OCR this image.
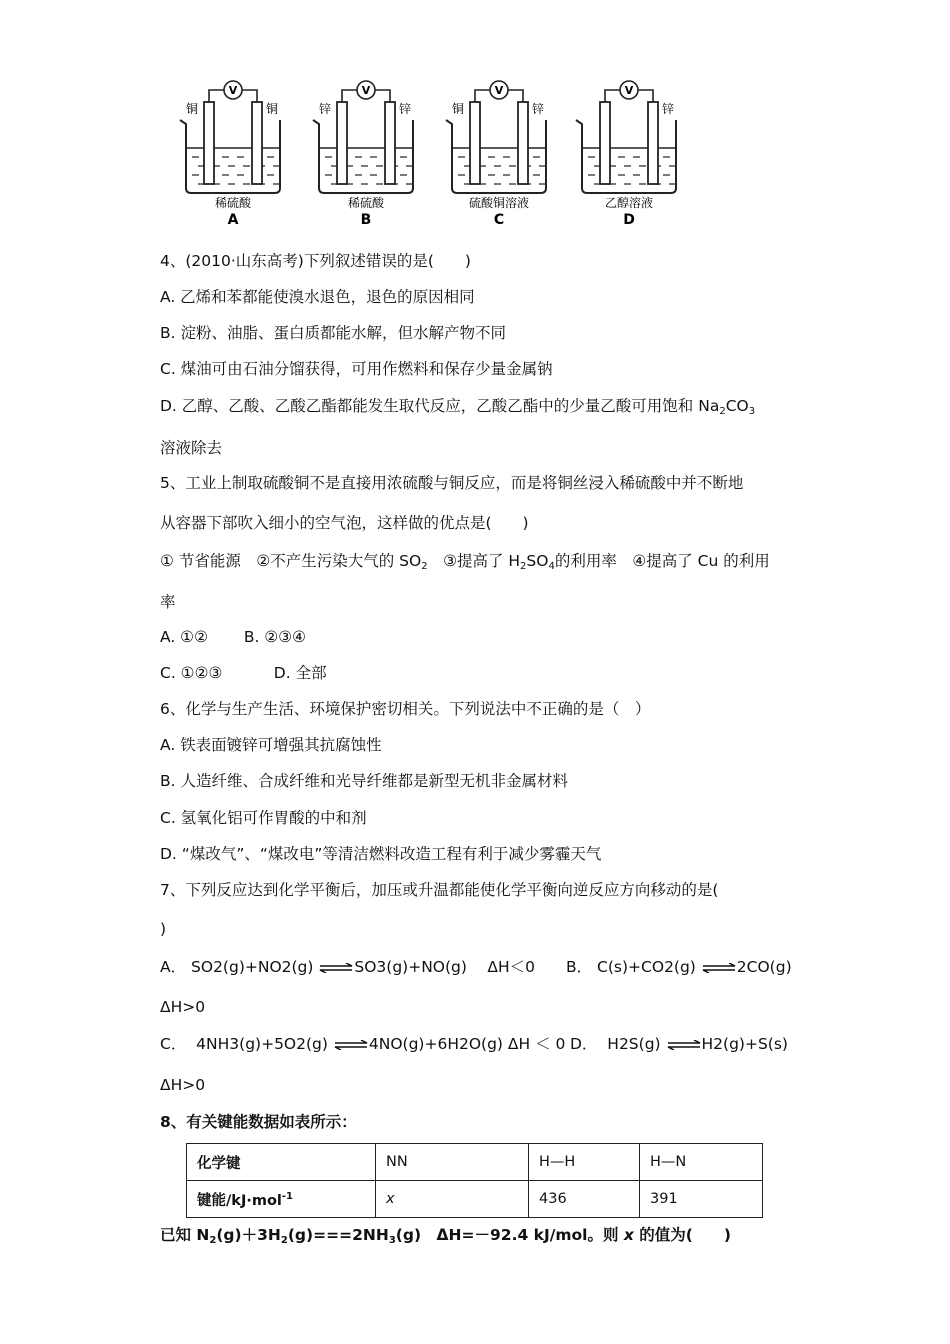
V
铜	铜
稀硫酸
A
V
锌	锌
稀硫酸
B
V
铜	锌
硫酸铜溶液
C
V
锌
乙醇溶液
D
4、(2010·山东高考)下列叙述错误的是(　　)
A. 乙烯和苯都能使溴水退色，退色的原因相同
B. 淀粉、油脂、蛋白质都能水解，但水解产物不同
C. 煤油可由石油分馏获得，可用作燃料和保存少量金属钠
D. 乙醇、乙酸、乙酸乙酯都能发生取代反应，乙酸乙酯中的少量乙酸可用饱和 $Na_2CO_3$
溶液除去
5、工业上制取硫酸铜不是直接用浓硫酸与铜反应，而是将铜丝浸入稀硫酸中并不断地
从容器下部吹入细小的空气泡，这样做的优点是(　　)
① 节省能源　②不产生污染大气的 $SO_2$　③提高了 $H_2SO_4$的利用率　④提高了 Cu 的利用
率
A. ①②　　 B. ②③④
C. ①②③　　　 D. 全部
6、化学与生产生活、环境保护密切相关。下列说法中不正确的是（　）
A. 铁表面镀锌可增强其抗腐蚀性
B. 人造纤维、合成纤维和光导纤维都是新型无机非金属材料
C. 氢氧化铝可作胃酸的中和剂
D. “煤改气”、“煤改电”等清洁燃料改造工程有利于减少雾霾天气
7、下列反应达到化学平衡后，加压或升温都能使化学平衡向逆反应方向移动的是(
)
A． SO2(g)+NO2(g) ⇌SO3(g)+NO(g)　 ΔH＜0 B． C(s)+CO2(g) ⇌2CO(g)
ΔH>0
C．  4NH3(g)+5O2(g) ⇌4NO(g)+6H2O(g) ΔH ＜ 0 D．  H2S(g) ⇌H2(g)+S(s)
ΔH>0
8、有关键能数据如表所示：
化学键	NN	H—H	H—N
键能/kJ·mol$^{-1}$	x	436	391
已知 $N_2(g)+3H_2(g)===2NH_3(g)$　ΔH=－92.4 kJ/mol。则 x 的值为(　　)
